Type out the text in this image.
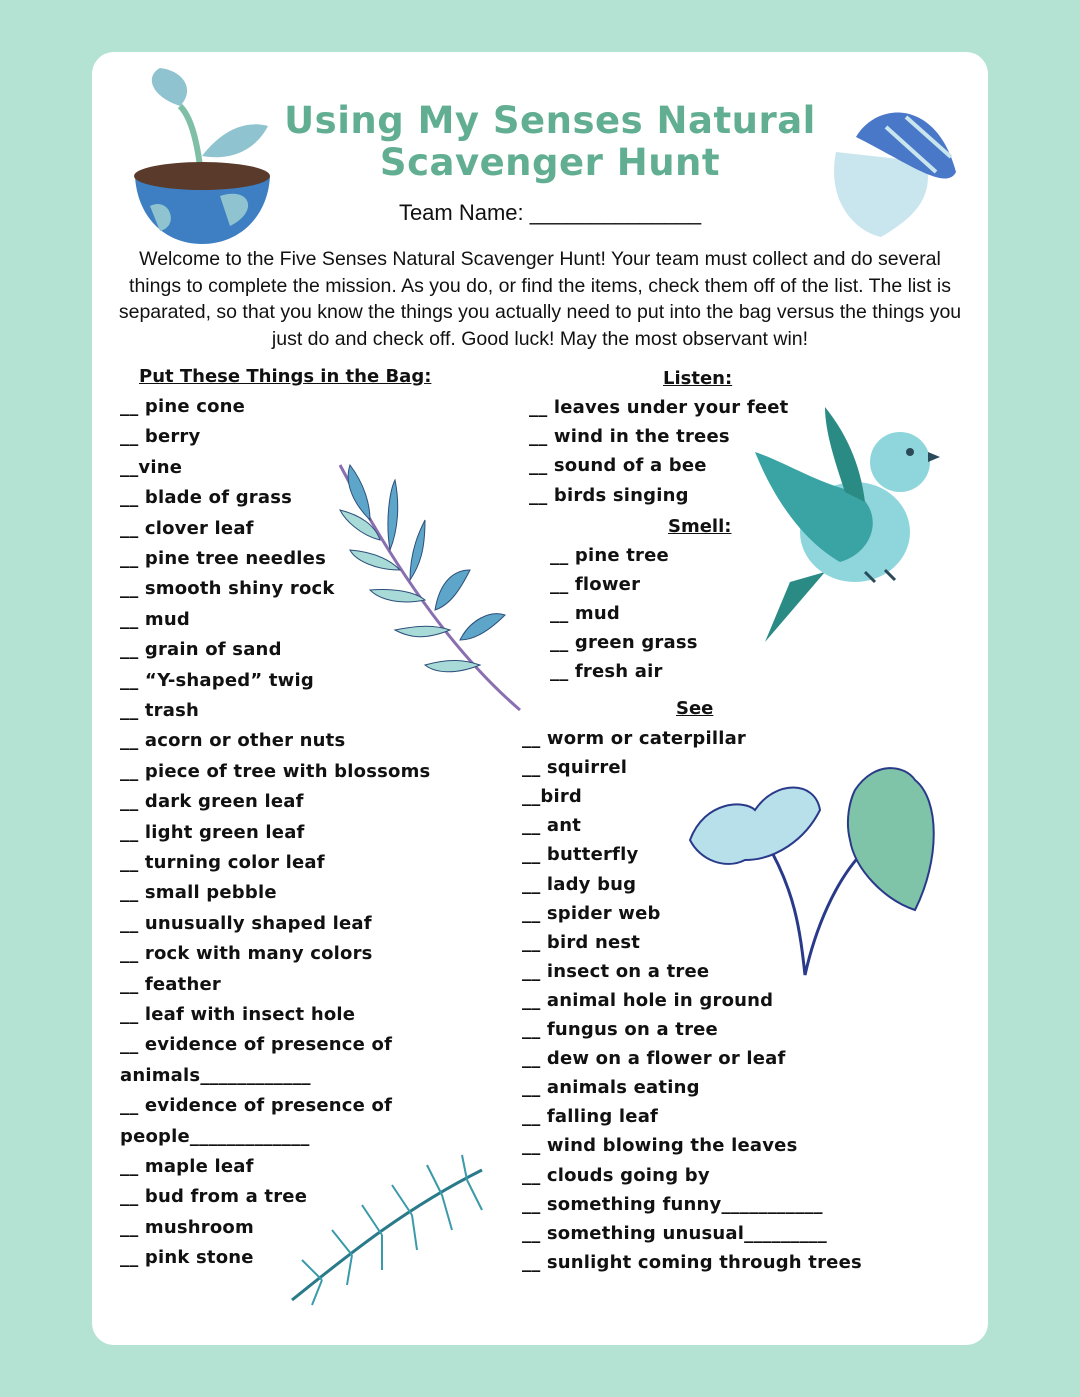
Using My Senses Natural Scavenger Hunt
Team Name: ______________
Welcome to the Five Senses Natural Scavenger Hunt! Your team must collect and do several things to complete the mission. As you do, or find the items, check them off of the list. The list is separated, so that you know the things you actually need to put into the bag versus the things you just do and check off. Good luck! May the most observant win!
Put These Things in the Bag:	Listen:
Smell:
See
__ pine cone
__ berry
__vine
__ blade of grass
__ clover leaf
__ pine tree needles
__ smooth shiny rock
__ mud
__ grain of sand
__ “Y-shaped” twig
__ trash
__ acorn or other nuts
__ piece of tree with blossoms
__ dark green leaf
__ light green leaf
__ turning color leaf
__ small pebble
__ unusually shaped leaf
__ rock with many colors
__ feather
__ leaf with insect hole
__ evidence of presence of
animals____________
__ evidence of presence of
people_____________
__ maple leaf
__ bud from a tree
__ mushroom
__ pink stone
__ leaves under your feet
__ wind in the trees
__ sound of a bee
__ birds singing
__ pine tree
__ flower
__ mud
__ green grass
__ fresh air
__ worm or caterpillar
__ squirrel
__bird
__ ant
__ butterfly
__ lady bug
__ spider web
__ bird nest
__ insect on a tree
__ animal hole in ground
__ fungus on a tree
__ dew on a flower or leaf
__ animals eating
__ falling leaf
__ wind blowing the leaves
__ clouds going by
__ something funny___________
__ something unusual_________
__ sunlight coming through trees
